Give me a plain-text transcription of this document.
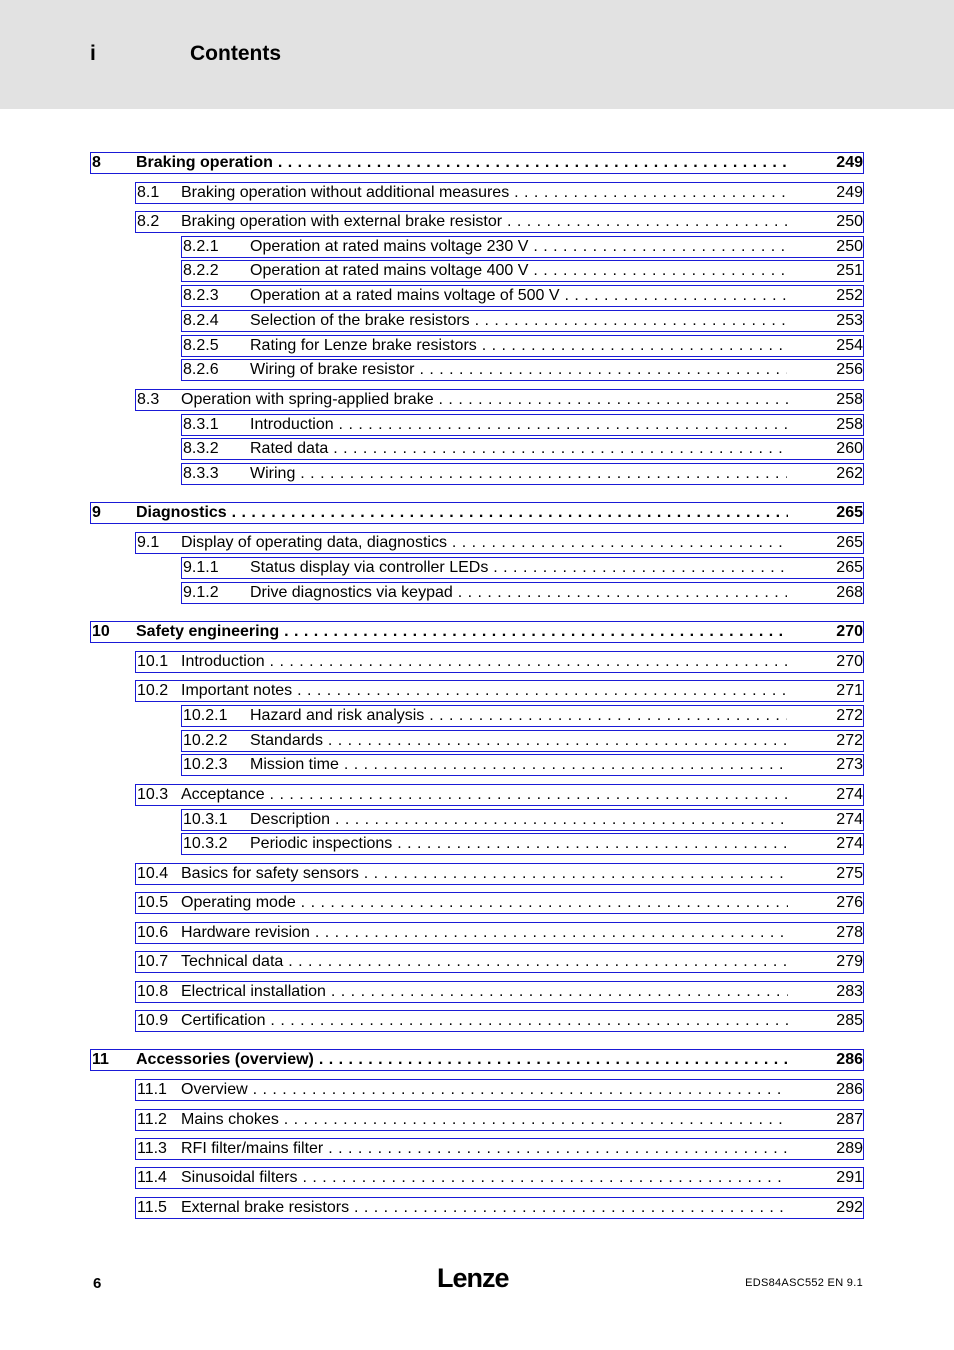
i	Contents
8 Braking operation . . .	249
8.1 Braking operation without additional measures . . .	249
8.2 Braking operation with external brake resistor . . .	250
8.2.1 Operation at rated mains voltage 230 V . . .	250
8.2.2 Operation at rated mains voltage 400 V . . .	251
8.2.3 Operation at a rated mains voltage of 500 V . . .	252
8.2.4 Selection of the brake resistors . . .	253
8.2.5 Rating for Lenze brake resistors . . .	254
8.2.6 Wiring of brake resistor . . .	256
8.3 Operation with spring-applied brake . . .	258
8.3.1 Introduction . . .	258
8.3.2 Rated data . . .	260
8.3.3 Wiring . . .	262
9 Diagnostics . . .	265
9.1 Display of operating data, diagnostics . . .	265
9.1.1 Status display via controller LEDs . . .	265
9.1.2 Drive diagnostics via keypad . . .	268
10 Safety engineering . . .	270
10.1 Introduction . . .	270
10.2 Important notes . . .	271
10.2.1 Hazard and risk analysis . . .	272
10.2.2 Standards . . .	272
10.2.3 Mission time . . .	273
10.3 Acceptance . . .	274
10.3.1 Description . . .	274
10.3.2 Periodic inspections . . .	274
10.4 Basics for safety sensors . . .	275
10.5 Operating mode . . .	276
10.6 Hardware revision . . .	278
10.7 Technical data . . .	279
10.8 Electrical installation . . .	283
10.9 Certification . . .	285
11 Accessories (overview) . . .	286
11.1 Overview . . .	286
11.2 Mains chokes . . .	287
11.3 RFI filter/mains filter . . .	289
11.4 Sinusoidal filters . . .	291
11.5 External brake resistors . . .	292
6	Lenze	EDS84ASC552 EN 9.1
